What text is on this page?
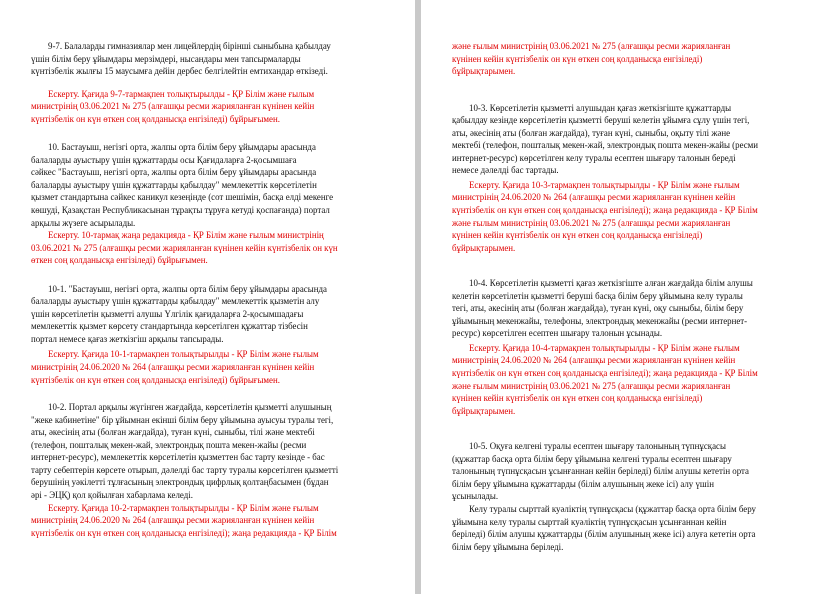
9-7. Балаларды гимназиялар мен лицейлердің бірінші сыныбына қабылдау
үшін білім беру ұйымдары мерзімдері, нысандары мен тапсырмаларды
күнтізбелік жылғы 15 маусымға дейін дербес белгілейтін емтихандар өткізеді.

Ескерту. Қағида 9-7-тармақпен толықтырылды - ҚР Білім және ғылым
министрінің 03.06.2021 № 275 (алғашқы ресми жарияланған күнінен кейін
күнтізбелік он күн өткен соң қолданысқа енгізіледі) бұйрығымен.

10. Бастауыш, негізгі орта, жалпы орта білім беру ұйымдары арасында
балаларды ауыстыру үшін құжаттарды осы Қағидаларға 2-қосымшаға
сәйкес "Бастауыш, негізгі орта, жалпы орта білім беру ұйымдары арасында
балаларды ауыстыру үшін құжаттарды қабылдау" мемлекеттік көрсетілетін
қызмет стандартына сәйкес каникул кезеңінде (сот шешімін, басқа елді мекенге
көшуді, Қазақстан Республикасынан тұрақты тұруға кетуді қоспағанда) портал
арқылы жүзеге асырылады.

Ескерту. 10-тармақ жаңа редакцияда - ҚР Білім және ғылым министрінің
03.06.2021 № 275 (алғашқы ресми жарияланған күнінен кейін күнтізбелік он күн
өткен соң қолданысқа енгізіледі) бұйрығымен.

10-1. "Бастауыш, негізгі орта, жалпы орта білім беру ұйымдары арасында
балаларды ауыстыру үшін құжаттарды қабылдау" мемлекеттік қызметін алу
үшін көрсетілетін қызметті алушы Үлгілік қағидаларға 2-қосымшадағы
мемлекеттік қызмет көрсету стандартында көрсетілген құжаттар тізбесін
портал немесе қағаз жеткізгіш арқылы тапсырады.

Ескерту. Қағида 10-1-тармақпен толықтырылды - ҚР Білім және ғылым
министрінің 24.06.2020 № 264 (алғашқы ресми жарияланған күнінен кейін
күнтізбелік он күн өткен соң қолданысқа енгізіледі) бұйрығымен.

10-2. Портал арқылы жүгінген жағдайда, көрсетілетін қызметті алушының
"жеке кабинетіне" бір ұйымнан екінші білім беру ұйымына ауысуы туралы тегі,
аты, әкесінің аты (болған жағдайда), туған күні, сыныбы, тілі және мектебі
(телефон, пошталық мекен-жай, электрондық пошта мекен-жайы (ресми
интернет-ресурс), мемлекеттік көрсетілетін қызметтен бас тарту кезінде - бас
тарту себептерін көрсете отырып, дәлелді бас тарту туралы көрсетілген қызметті
берушінің уәкілетті тұлғасының электрондық цифрлық қолтаңбасымен (бұдан
әрі - ЭЦҚ) қол қойылған хабарлама келеді.

Ескерту. Қағида 10-2-тармақпен толықтырылды - ҚР Білім және ғылым
министрінің 24.06.2020 № 264 (алғашқы ресми жарияланған күнінен кейін
күнтізбелік он күн өткен соң қолданысқа енгізіледі); жаңа редакцияда - ҚР Білім

және ғылым министрінің 03.06.2021 № 275 (алғашқы ресми жарияланған
күнінен кейін күнтізбелік он күн өткен соң қолданысқа енгізіледі)
бұйрықтарымен.

10-3. Көрсетілетін қызметті алушыдан қағаз жеткізгіште құжаттарды
қабылдау кезінде көрсетілетін қызметті беруші келетін ұйымға сұлу үшін тегі,
аты, әкесінің аты (болған жағдайда), туған күні, сыныбы, оқыту тілі және
мектебі (телефон, пошталық мекен-жай, электрондық пошта мекен-жайы (ресми
интернет-ресурс) көрсетілген келу туралы есептен шығару талонын береді
немесе дәлелді бас тартады.

Ескерту. Қағида 10-3-тармақпен толықтырылды - ҚР Білім және ғылым
министрінің 24.06.2020 № 264 (алғашқы ресми жарияланған күнінен кейін
күнтізбелік он күн өткен соң қолданысқа енгізіледі); жаңа редакцияда - ҚР Білім
және ғылым министрінің 03.06.2021 № 275 (алғашқы ресми жарияланған
күнінен кейін күнтізбелік он күн өткен соң қолданысқа енгізіледі)
бұйрықтарымен.

10-4. Көрсетілетін қызметті қағаз жеткізгіште алған жағдайда білім алушы
келетін көрсетілетін қызметті беруші басқа білім беру ұйымына келу туралы
тегі, аты, әкесінің аты (болған жағдайда), туған күні, оқу сыныбы, білім беру
ұйымының мекенжайы, телефоны, электрондық мекенжайы (ресми интернет-
ресурс) көрсетілген есептен шығару талонын ұсынады.

Ескерту. Қағида 10-4-тармақпен толықтырылды - ҚР Білім және ғылым
министрінің 24.06.2020 № 264 (алғашқы ресми жарияланған күнінен кейін
күнтізбелік он күн өткен соң қолданысқа енгізіледі); жаңа редакцияда - ҚР Білім
және ғылым министрінің 03.06.2021 № 275 (алғашқы ресми жарияланған
күнінен кейін күнтізбелік он күн өткен соң қолданысқа енгізіледі)
бұйрықтарымен.

10-5. Оқуға келгені туралы есептен шығару талонының түпнұсқасы
(құжаттар басқа орта білім беру ұйымына келгені туралы есептен шығару
талонының түпнұсқасын ұсынғаннан кейін беріледі) білім алушы кететін орта
білім беру ұйымына құжаттарды (білім алушының жеке ісі) алу үшін
ұсынылады.

Келу туралы сырттай куәліктің түпнұсқасы (құжаттар басқа орта білім беру
ұйымына келу туралы сырттай куәліктің түпнұсқасын ұсынғаннан кейін
беріледі) білім алушы құжаттарды (білім алушының жеке ісі) алуға кететін орта
білім беру ұйымына беріледі.
